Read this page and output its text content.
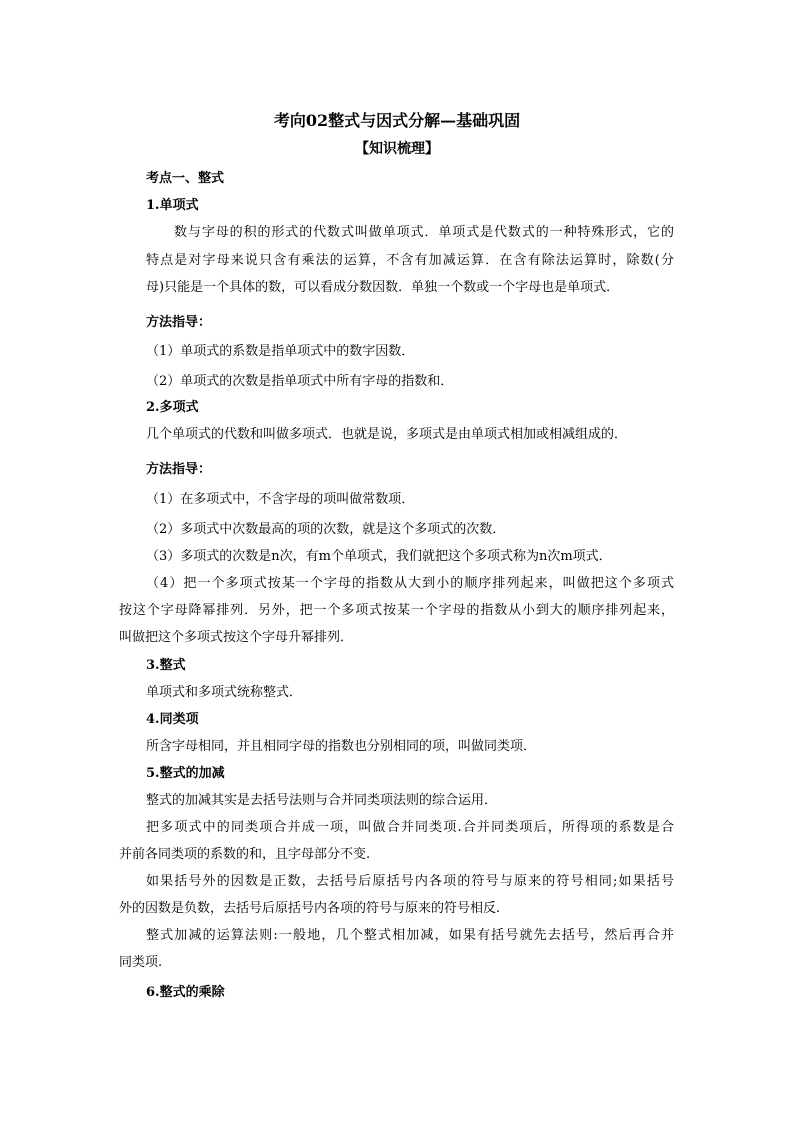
考向02整式与因式分解—基础巩固
【知识梳理】
考点一、整式
1.单项式
数与字母的积的形式的代数式叫做单项式．单项式是代数式的一种特殊形式，它的
特点是对字母来说只含有乘法的运算，不含有加减运算．在含有除法运算时，除数(分
母)只能是一个具体的数，可以看成分数因数．单独一个数或一个字母也是单项式．
方法指导：
（1）单项式的系数是指单项式中的数字因数．
（2）单项式的次数是指单项式中所有字母的指数和．
2.多项式
几个单项式的代数和叫做多项式．也就是说，多项式是由单项式相加或相减组成的．
方法指导：
（1）在多项式中，不含字母的项叫做常数项．
（2）多项式中次数最高的项的次数，就是这个多项式的次数．
（3）多项式的次数是n次，有m个单项式，我们就把这个多项式称为n次m项式．
（4）把一个多项式按某一个字母的指数从大到小的顺序排列起来，叫做把这个多项式
按这个字母降幂排列．另外，把一个多项式按某一个字母的指数从小到大的顺序排列起来，
叫做把这个多项式按这个字母升幂排列．
3.整式
单项式和多项式统称整式．
4.同类项
所含字母相同，并且相同字母的指数也分别相同的项，叫做同类项．
5.整式的加减
整式的加减其实是去括号法则与合并同类项法则的综合运用．
把多项式中的同类项合并成一项，叫做合并同类项.合并同类项后，所得项的系数是合
并前各同类项的系数的和，且字母部分不变.
如果括号外的因数是正数，去括号后原括号内各项的符号与原来的符号相同;如果括号
外的因数是负数，去括号后原括号内各项的符号与原来的符号相反.
整式加减的运算法则:一般地，几个整式相加减，如果有括号就先去括号，然后再合并
同类项.
6.整式的乘除
